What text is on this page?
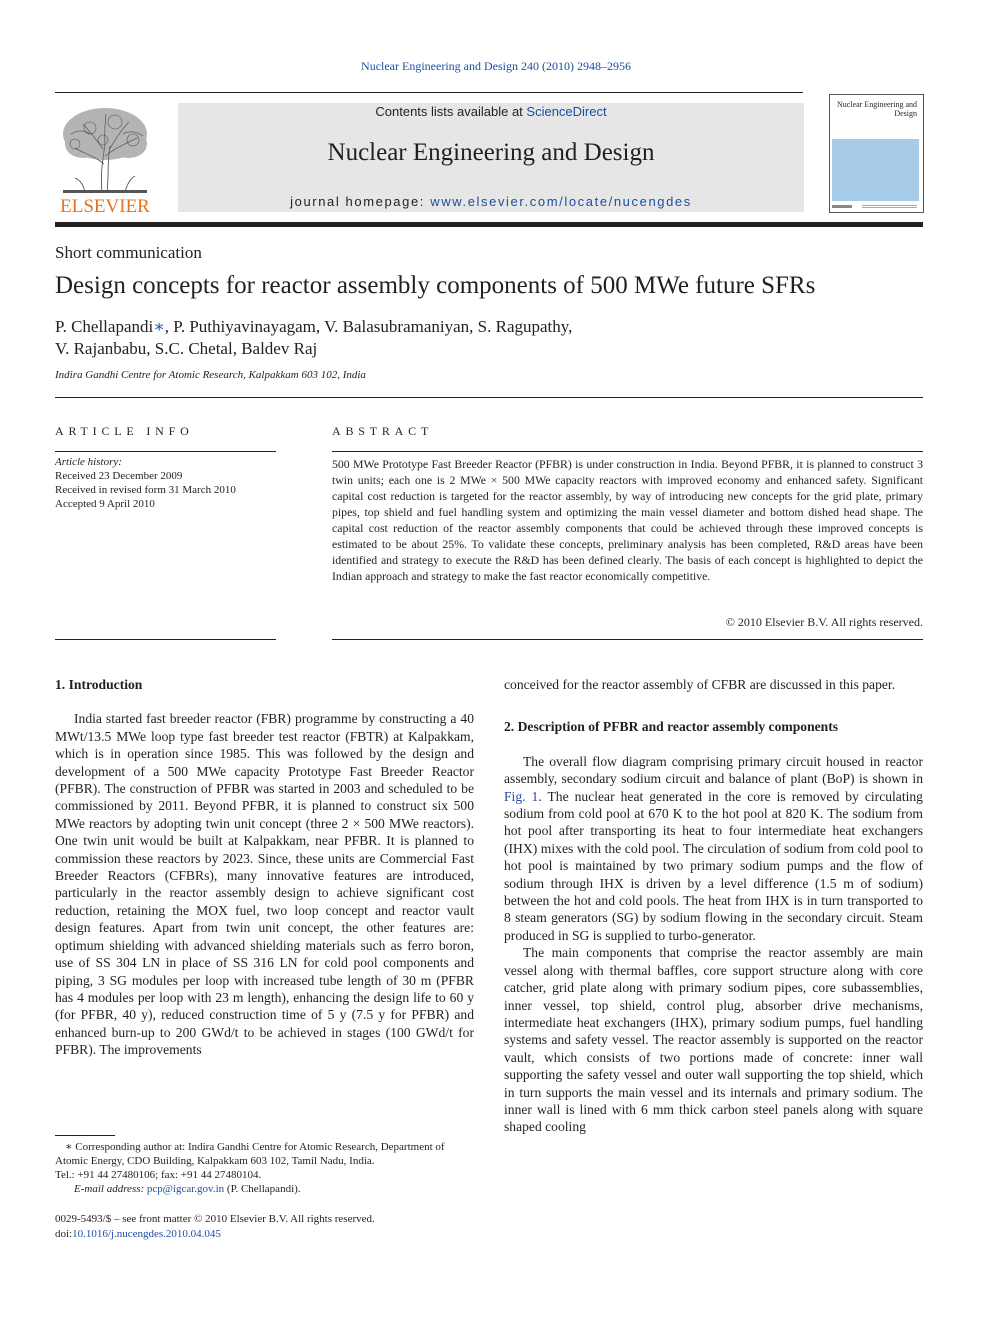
Nuclear Engineering and Design 240 (2010) 2948–2956
ELSEVIER
Contents lists available at ScienceDirect
Nuclear Engineering and Design
journal homepage: www.elsevier.com/locate/nucengdes
Nuclear Engineering and Design
Short communication
Design concepts for reactor assembly components of 500 MWe future SFRs
P. Chellapandi∗, P. Puthiyavinayagam, V. Balasubramaniyan, S. Ragupathy,
V. Rajanbabu, S.C. Chetal, Baldev Raj
Indira Gandhi Centre for Atomic Research, Kalpakkam 603 102, India
ARTICLE INFO
Article history:
Received 23 December 2009
Received in revised form 31 March 2010
Accepted 9 April 2010
ABSTRACT
500 MWe Prototype Fast Breeder Reactor (PFBR) is under construction in India. Beyond PFBR, it is planned to construct 3 twin units; each one is 2 MWe × 500 MWe capacity reactors with improved economy and enhanced safety. Significant capital cost reduction is targeted for the reactor assembly, by way of introducing new concepts for the grid plate, primary pipes, top shield and fuel handling system and optimizing the main vessel diameter and bottom dished head shape. The capital cost reduction of the reactor assembly components that could be achieved through these improved concepts is estimated to be about 25%. To validate these concepts, preliminary analysis has been completed, R&D areas have been identified and strategy to execute the R&D has been defined clearly. The basis of each concept is highlighted to depict the Indian approach and strategy to make the fast reactor economically competitive.
© 2010 Elsevier B.V. All rights reserved.
1. Introduction

India started fast breeder reactor (FBR) programme by constructing a 40 MWt/13.5 MWe loop type fast breeder test reactor (FBTR) at Kalpakkam, which is in operation since 1985. This was followed by the design and development of a 500 MWe capacity Prototype Fast Breeder Reactor (PFBR). The construction of PFBR was started in 2003 and scheduled to be commissioned by 2011. Beyond PFBR, it is planned to construct six 500 MWe reactors by adopting twin unit concept (three 2 × 500 MWe reactors). One twin unit would be built at Kalpakkam, near PFBR. It is planned to commission these reactors by 2023. Since, these units are Commercial Fast Breeder Reactors (CFBRs), many innovative features are introduced, particularly in the reactor assembly design to achieve significant cost reduction, retaining the MOX fuel, two loop concept and reactor vault design features. Apart from twin unit concept, the other features are: optimum shielding with advanced shielding materials such as ferro boron, use of SS 304 LN in place of SS 316 LN for cold pool components and piping, 3 SG modules per loop with increased tube length of 30 m (PFBR has 4 modules per loop with 23 m length), enhancing the design life to 60 y (for PFBR, 40 y), reduced construction time of 5 y (7.5 y for PFBR) and enhanced burn-up to 200 GWd/t to be achieved in stages (100 GWd/t for PFBR). The improvements

conceived for the reactor assembly of CFBR are discussed in this paper.

2. Description of PFBR and reactor assembly components

The overall flow diagram comprising primary circuit housed in reactor assembly, secondary sodium circuit and balance of plant (BoP) is shown in Fig. 1. The nuclear heat generated in the core is removed by circulating sodium from cold pool at 670 K to the hot pool at 820 K. The sodium from hot pool after transporting its heat to four intermediate heat exchangers (IHX) mixes with the cold pool. The circulation of sodium from cold pool to hot pool is maintained by two primary sodium pumps and the flow of sodium through IHX is driven by a level difference (1.5 m of sodium) between the hot and cold pools. The heat from IHX is in turn transported to 8 steam generators (SG) by sodium flowing in the secondary circuit. Steam produced in SG is supplied to turbo-generator.

The main components that comprise the reactor assembly are main vessel along with thermal baffles, core support structure along with core catcher, grid plate along with primary sodium pipes, core subassemblies, inner vessel, top shield, control plug, absorber drive mechanisms, intermediate heat exchangers (IHX), primary sodium pumps, fuel handling systems and safety vessel. The reactor assembly is supported on the reactor vault, which consists of two portions made of concrete: inner wall supporting the safety vessel and outer wall supporting the top shield, which in turn supports the main vessel and its internals and primary sodium. The inner wall is lined with 6 mm thick carbon steel panels along with square shaped cooling

∗ Corresponding author at: Indira Gandhi Centre for Atomic Research, Department of Atomic Energy, CDO Building, Kalpakkam 603 102, Tamil Nadu, India.
Tel.: +91 44 27480106; fax: +91 44 27480104.
E-mail address: pcp@igcar.gov.in (P. Chellapandi).
0029-5493/$ – see front matter © 2010 Elsevier B.V. All rights reserved.
doi:10.1016/j.nucengdes.2010.04.045
